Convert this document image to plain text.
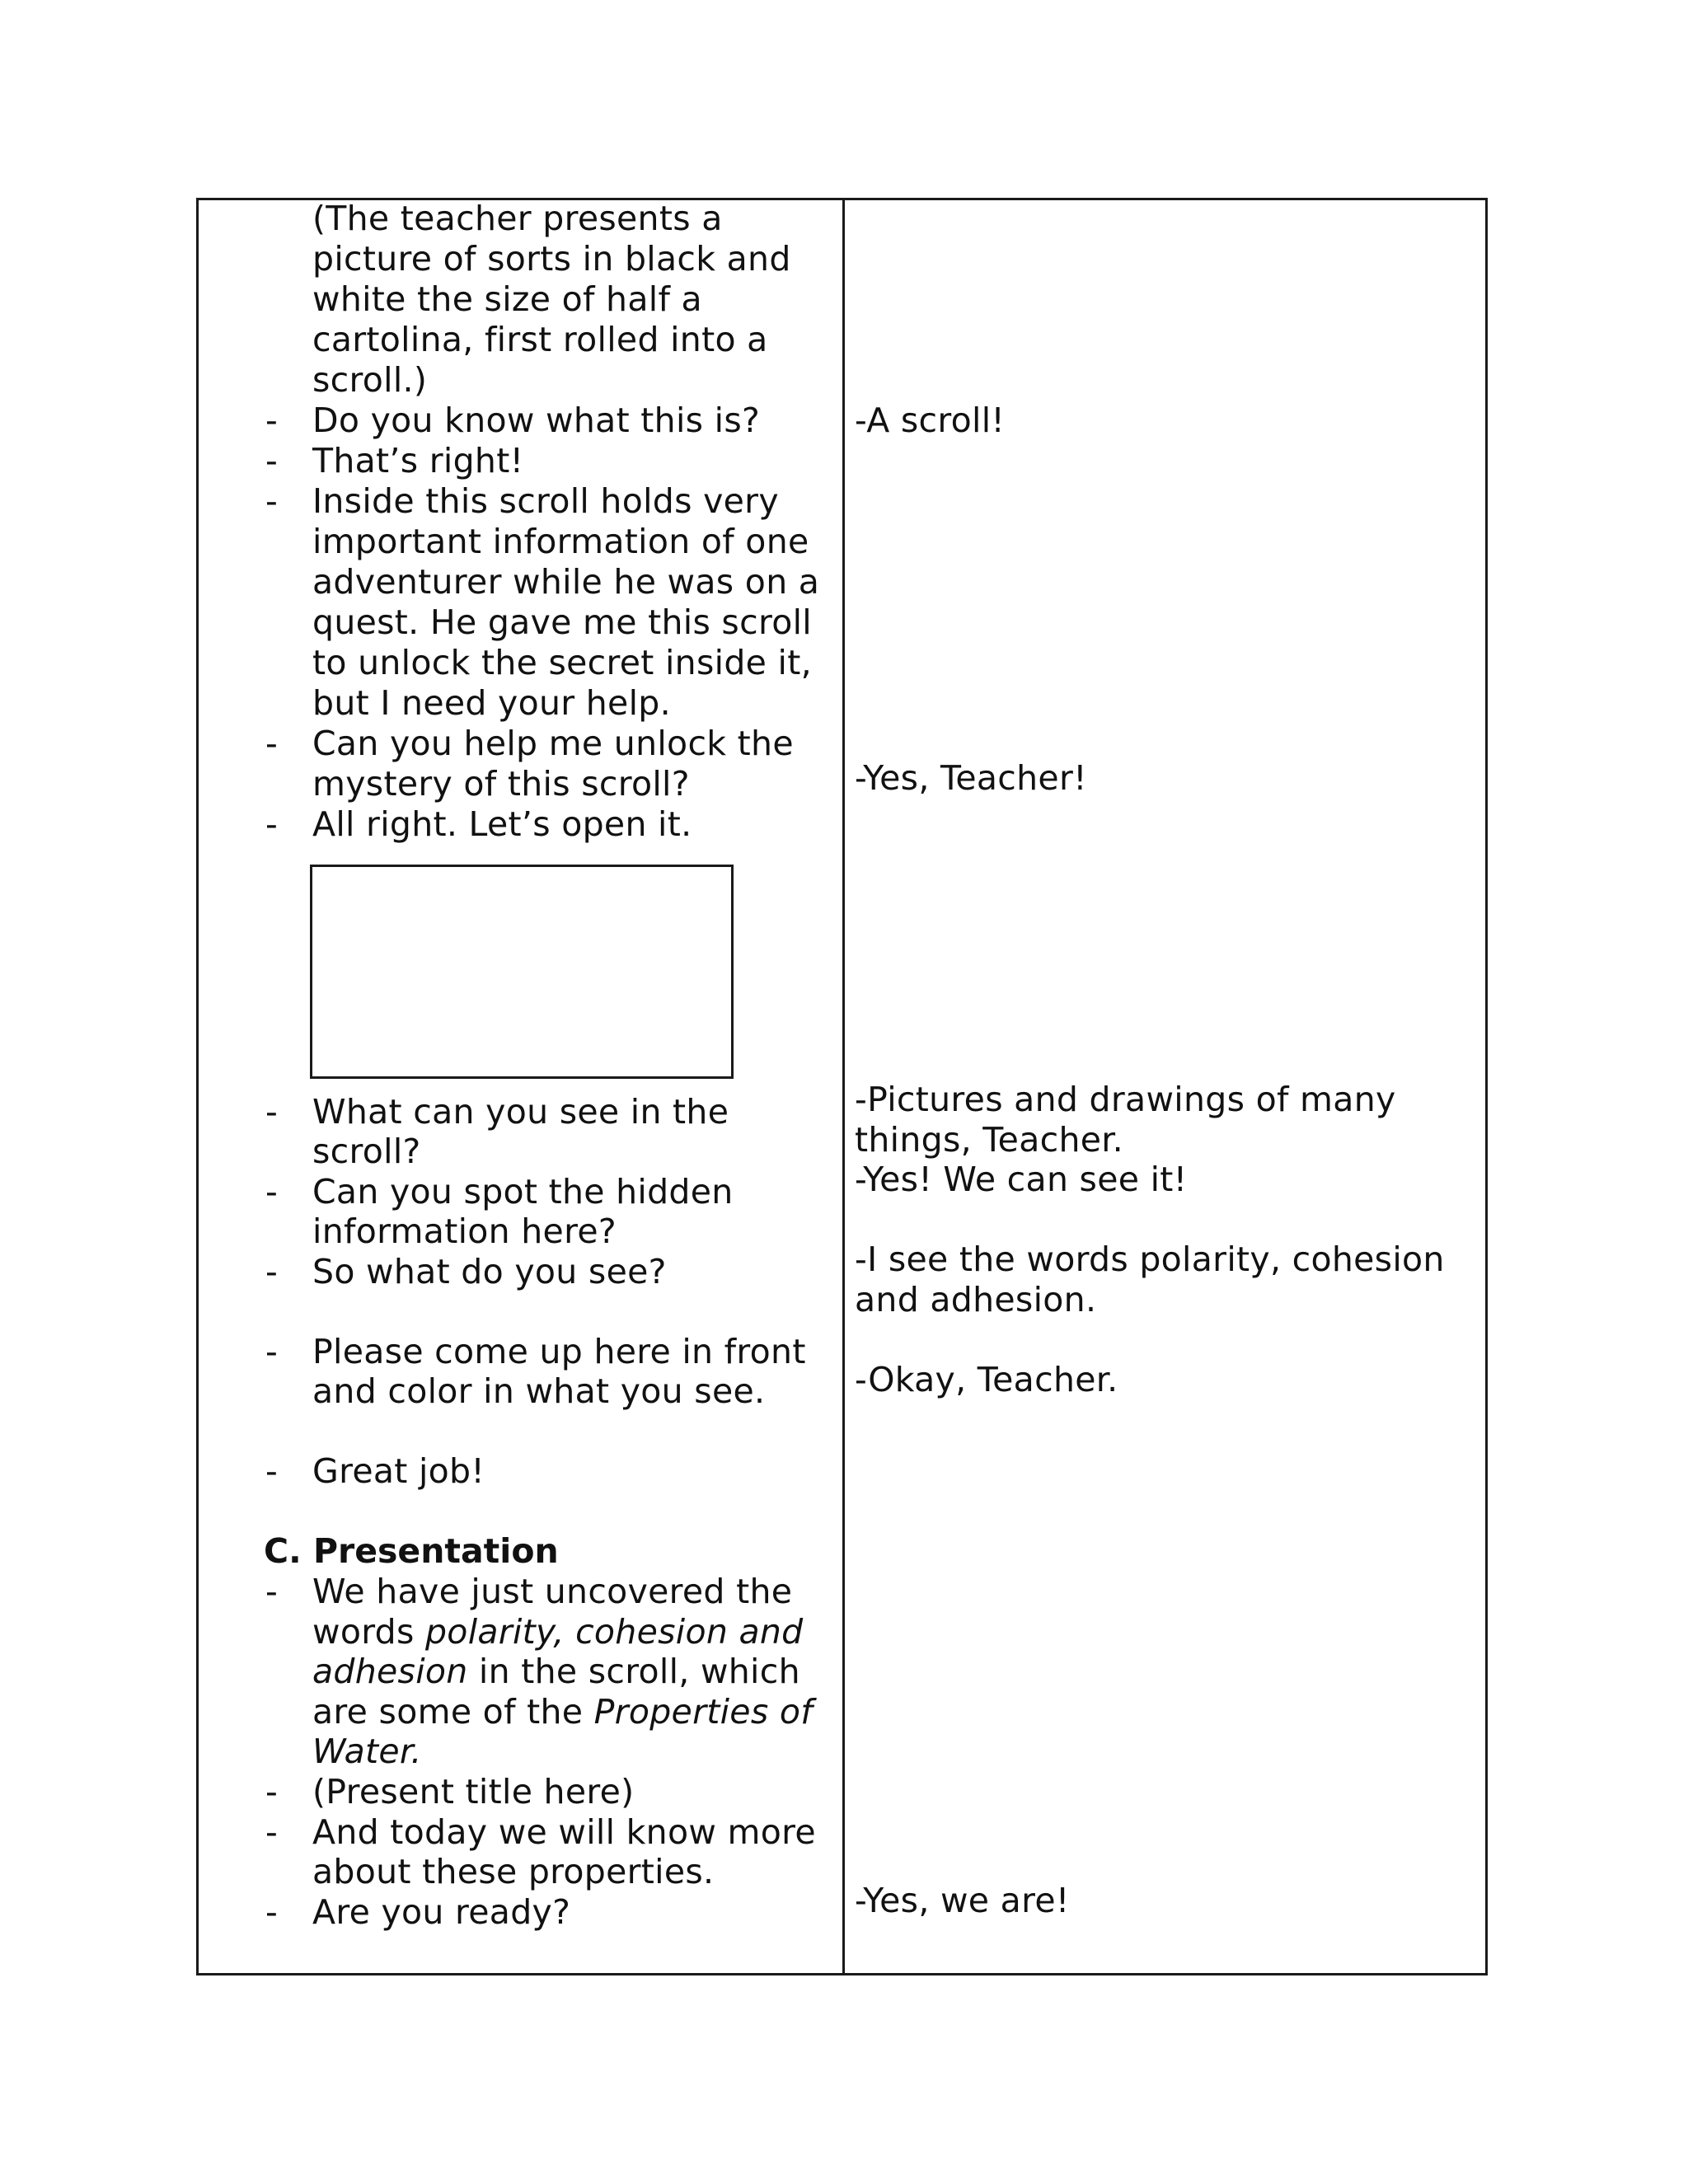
(The teacher presents a
picture of sorts in black and
white the size of half a
cartolina, first rolled into a
scroll.)
- Do you know what this is?
- That’s right!
- Inside this scroll holds very
important information of one
adventurer while he was on a
quest. He gave me this scroll
to unlock the secret inside it,
but I need your help.
- Can you help me unlock the
mystery of this scroll?
- All right. Let’s open it.
- What can you see in the
scroll?
- Can you spot the hidden
information here?
- So what do you see?
- Please come up here in front
and color in what you see.
- Great job!
C. Presentation
- We have just uncovered the
words polarity, cohesion and
adhesion in the scroll, which
are some of the Properties of
Water.
- (Present title here)
- And today we will know more
about these properties.
- Are you ready?
-A scroll!
-Yes, Teacher!
-Pictures and drawings of many
things, Teacher.
-Yes! We can see it!
-I see the words polarity, cohesion
and adhesion.
-Okay, Teacher.
-Yes, we are!
